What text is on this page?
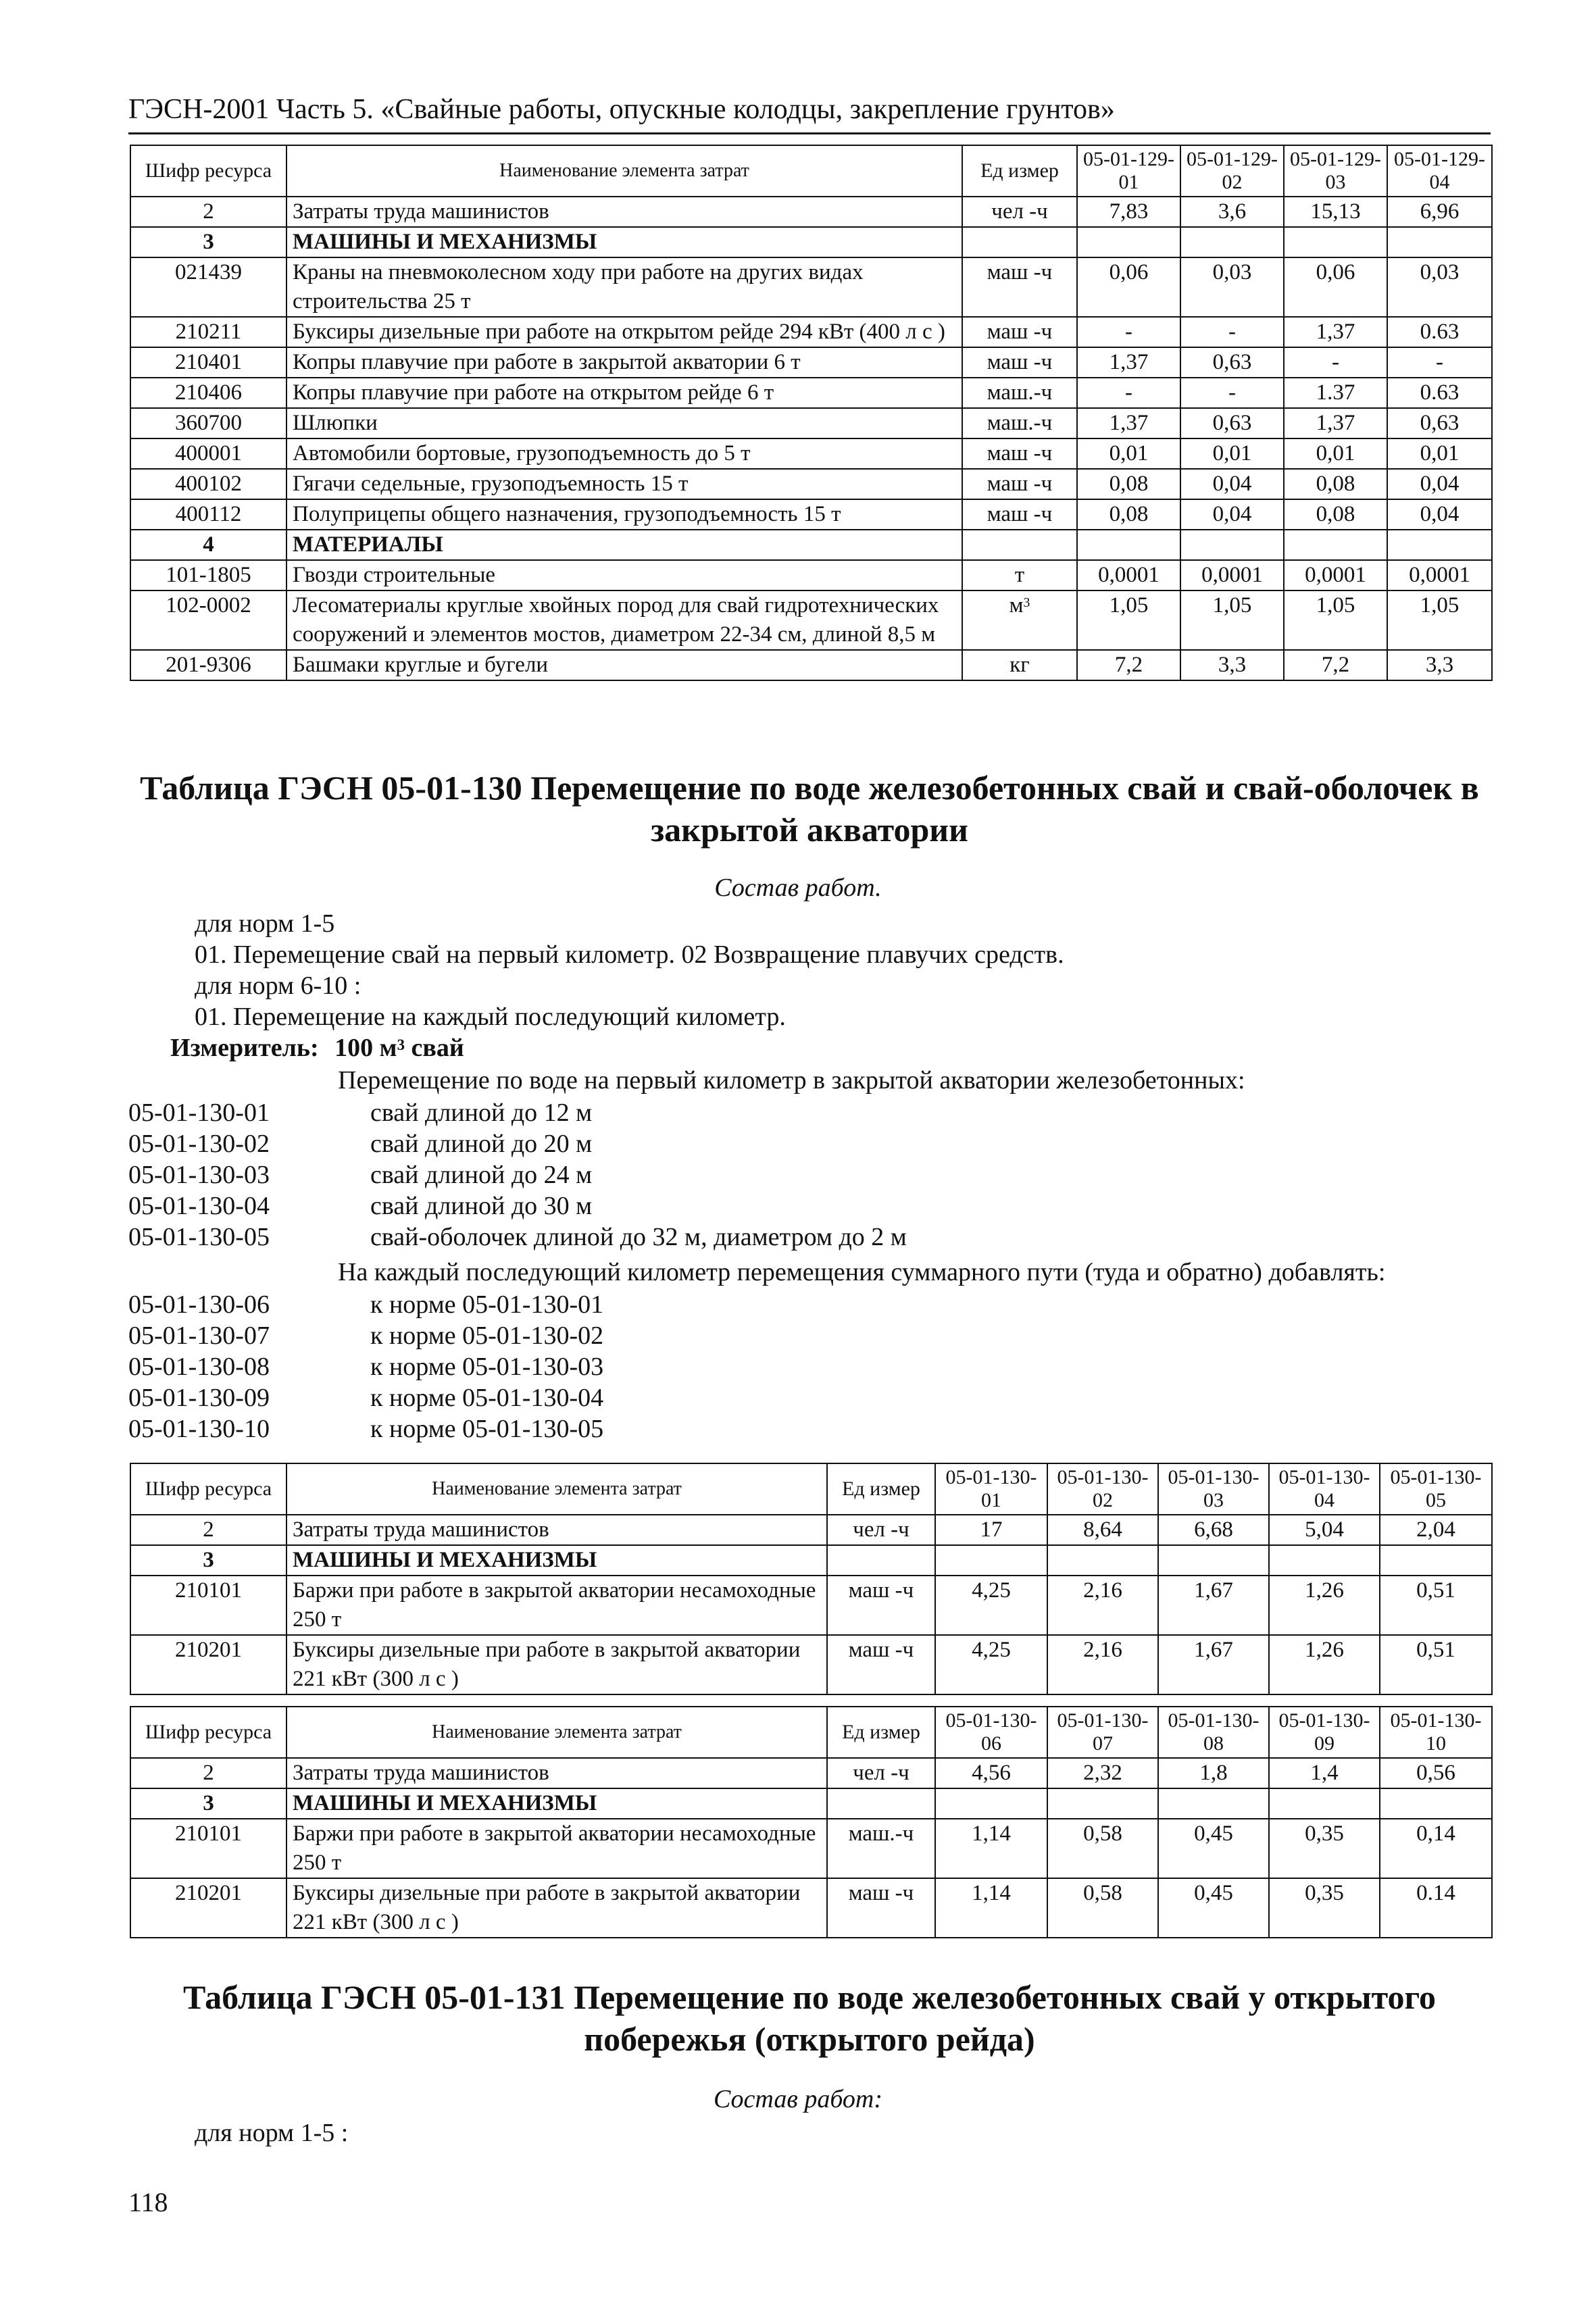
ГЭСН-2001 Часть 5. «Свайные работы, опускные колодцы, закрепление грунтов»
Шифр ресурса	Наименование элемента затрат	Ед измер	05-01-129-01	05-01-129-02	05-01-129-03	05-01-129-04
2	Затраты труда машинистов	чел -ч	7,83	3,6	15,13	6,96
3	МАШИНЫ И МЕХАНИЗМЫ					
021439	Краны на пневмоколесном ходу при работе на других видах строительства 25 т	маш -ч	0,06	0,03	0,06	0,03
210211	Буксиры дизельные при работе на открытом рейде 294 кВт (400 л с )	маш -ч	-	-	1,37	0.63
210401	Копры плавучие при работе в закрытой акватории 6 т	маш -ч	1,37	0,63	-	-
210406	Копры плавучие при работе на открытом рейде 6 т	маш.-ч	-	-	1.37	0.63
360700	Шлюпки	маш.-ч	1,37	0,63	1,37	0,63
400001	Автомобили бортовые, грузоподъемность до 5 т	маш -ч	0,01	0,01	0,01	0,01
400102	Гягачи седельные, грузоподъемность 15 т	маш -ч	0,08	0,04	0,08	0,04
400112	Полуприцепы общего назначения, грузоподъемность 15 т	маш -ч	0,08	0,04	0,08	0,04
4	МАТЕРИАЛЫ					
101-1805	Гвозди строительные	т	0,0001	0,0001	0,0001	0,0001
102-0002	Лесоматериалы круглые хвойных пород для свай гидротехнических сооружений и элементов мостов, диаметром 22-34 см, длиной 8,5 м	$м^3$	1,05	1,05	1,05	1,05
201-9306	Башмаки круглые и бугели	кг	7,2	3,3	7,2	3,3
Таблица ГЭСН 05-01-130 Перемещение по воде железобетонных свай и свай-оболочек в закрытой акватории
Состав работ.
для норм 1-5
01. Перемещение свай на первый километр. 02 Возвращение плавучих средств.
для норм 6-10 :
01. Перемещение на каждый последующий километр.
Измеритель: 100 $м^3$ свай
Перемещение по воде на первый километр в закрытой акватории железобетонных:
05-01-130-01	свай длиной до 12 м
05-01-130-02	свай длиной до 20 м
05-01-130-03	свай длиной до 24 м
05-01-130-04	свай длиной до 30 м
05-01-130-05	свай-оболочек длиной до 32 м, диаметром до 2 м
На каждый последующий километр перемещения суммарного пути (туда и обратно) добавлять:
05-01-130-06	к норме 05-01-130-01
05-01-130-07	к норме 05-01-130-02
05-01-130-08	к норме 05-01-130-03
05-01-130-09	к норме 05-01-130-04
05-01-130-10	к норме 05-01-130-05
Шифр ресурса	Наименование элемента затрат	Ед измер	05-01-130-01	05-01-130-02	05-01-130-03	05-01-130-04	05-01-130-05
2	Затраты труда машинистов	чел -ч	17	8,64	6,68	5,04	2,04
3	МАШИНЫ И МЕХАНИЗМЫ						
210101	Баржи при работе в закрытой акватории несамоходные 250 т	маш -ч	4,25	2,16	1,67	1,26	0,51
210201	Буксиры дизельные при работе в закрытой акватории 221 кВт (300 л с )	маш -ч	4,25	2,16	1,67	1,26	0,51
Шифр ресурса	Наименование элемента затрат	Ед измер	05-01-130-06	05-01-130-07	05-01-130-08	05-01-130-09	05-01-130-10
2	Затраты труда машинистов	чел -ч	4,56	2,32	1,8	1,4	0,56
3	МАШИНЫ И МЕХАНИЗМЫ						
210101	Баржи при работе в закрытой акватории несамоходные 250 т	маш.-ч	1,14	0,58	0,45	0,35	0,14
210201	Буксиры дизельные при работе в закрытой акватории 221 кВт (300 л с )	маш -ч	1,14	0,58	0,45	0,35	0.14
Таблица ГЭСН 05-01-131 Перемещение по воде железобетонных свай у открытого побережья (открытого рейда)
Состав работ:
для норм 1-5 :
118
